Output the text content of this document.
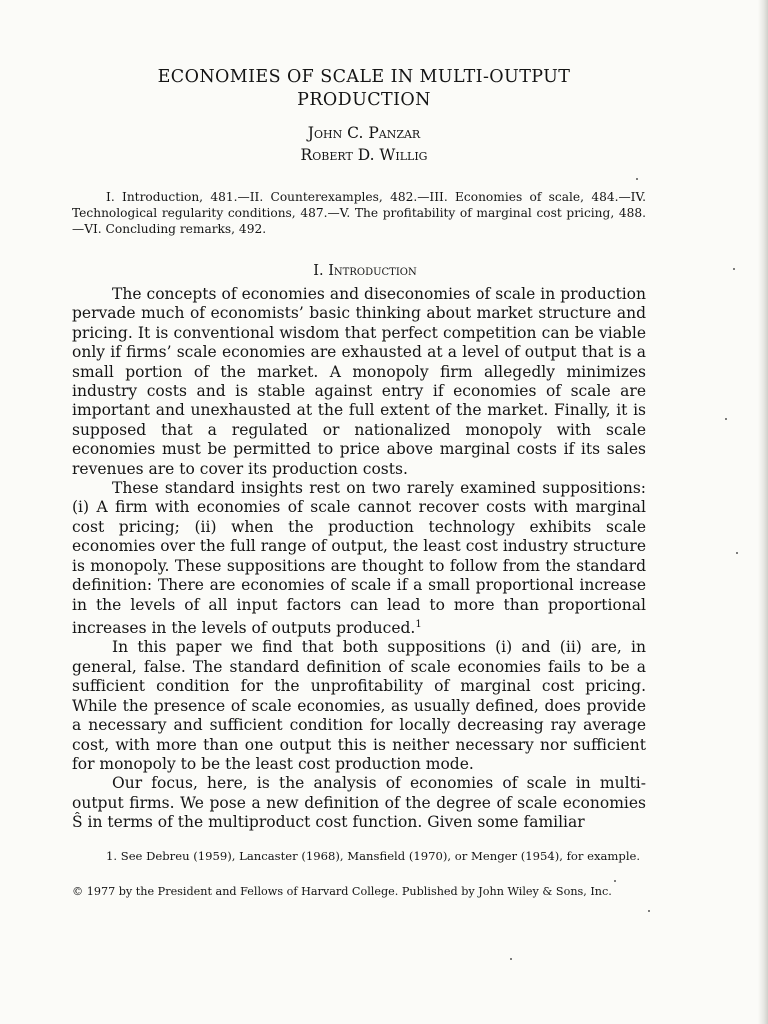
ECONOMIES OF SCALE IN MULTI-OUTPUT
PRODUCTION
John C. Panzar
Robert D. Willig
I. Introduction, 481.—II. Counterexamples, 482.—III. Economies of scale, 484.—IV. Technological regularity conditions, 487.—V. The profitability of marginal cost pricing, 488.—VI. Concluding remarks, 492.
I. Introduction

The concepts of economies and diseconomies of scale in production pervade much of economists’ basic thinking about market structure and pricing. It is conventional wisdom that perfect competition can be viable only if firms’ scale economies are exhausted at a level of output that is a small portion of the market. A monopoly firm allegedly minimizes industry costs and is stable against entry if economies of scale are important and unexhausted at the full extent of the market. Finally, it is supposed that a regulated or nationalized monopoly with scale economies must be permitted to price above marginal costs if its sales revenues are to cover its production costs.

These standard insights rest on two rarely examined suppositions: (i) A firm with economies of scale cannot recover costs with marginal cost pricing; (ii) when the production technology exhibits scale economies over the full range of output, the least cost industry structure is monopoly. These suppositions are thought to follow from the standard definition: There are economies of scale if a small proportional increase in the levels of all input factors can lead to more than proportional increases in the levels of outputs produced.$^1$

In this paper we find that both suppositions (i) and (ii) are, in general, false. The standard definition of scale economies fails to be a sufficient condition for the unprofitability of marginal cost pricing. While the presence of scale economies, as usually defined, does provide a necessary and sufficient condition for locally decreasing ray average cost, with more than one output this is neither necessary nor sufficient for monopoly to be the least cost production mode.

Our focus, here, is the analysis of economies of scale in multi-output firms. We pose a new definition of the degree of scale economies Ŝ in terms of the multiproduct cost function. Given some familiar

1. See Debreu (1959), Lancaster (1968), Mansfield (1970), or Menger (1954), for example.
© 1977 by the President and Fellows of Harvard College. Published by John Wiley & Sons, Inc.
